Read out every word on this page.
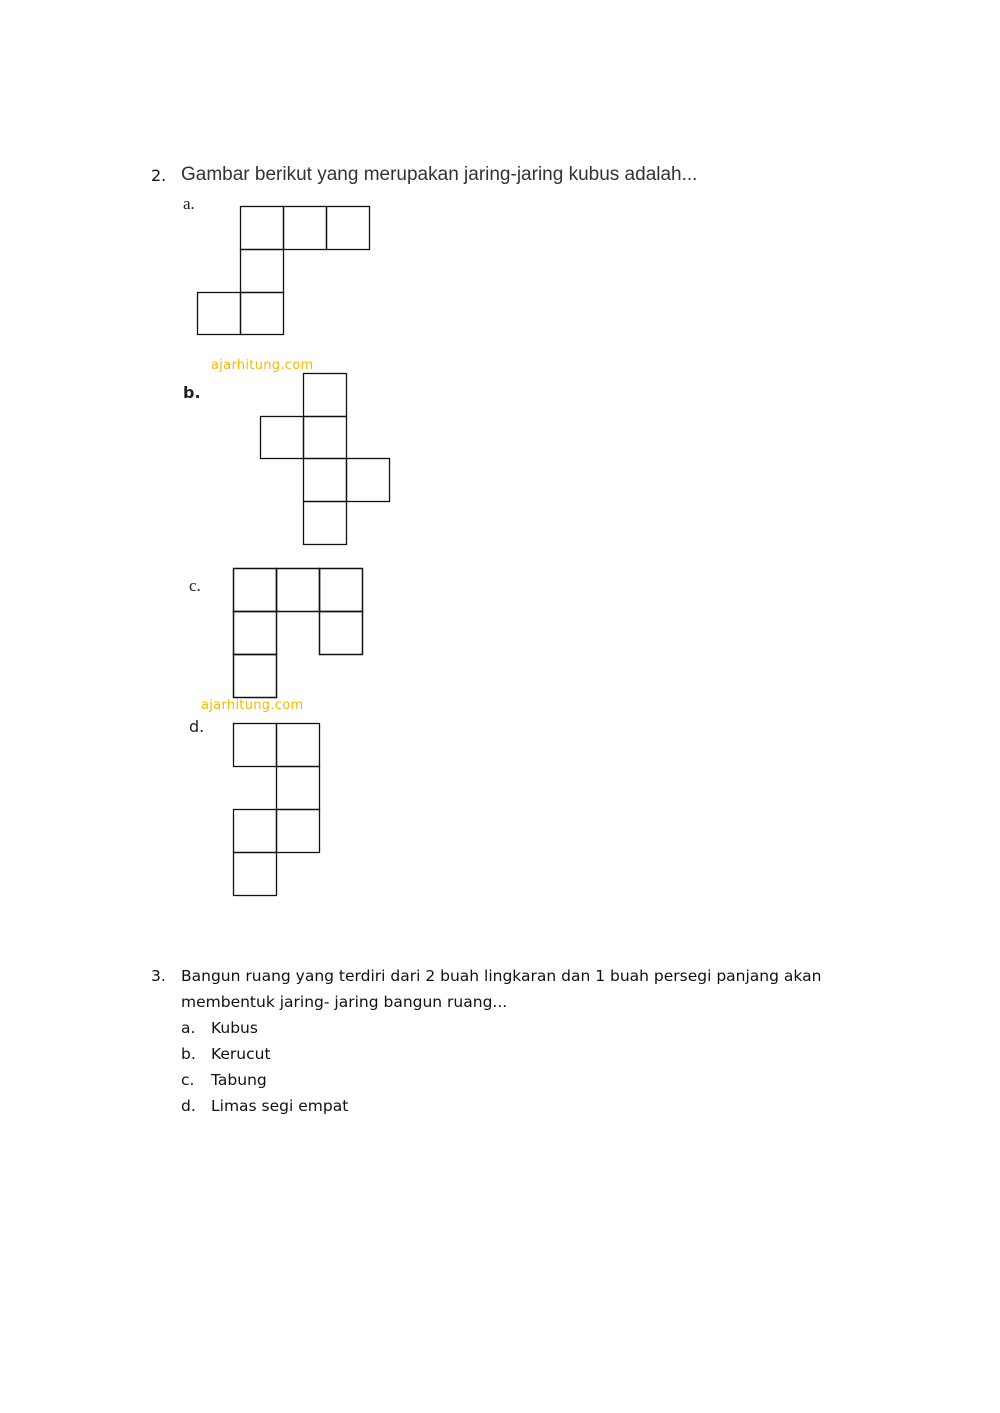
2. Gambar berikut yang merupakan jaring-jaring kubus adalah...
a.
ajarhitung.com
b.
c.
ajarhitung.com
d.
3. Bangun ruang yang terdiri dari 2 buah lingkaran dan 1 buah persegi panjang akan
membentuk jaring- jaring bangun ruang...
a. Kubus
b. Kerucut
c. Tabung
d. Limas segi empat
